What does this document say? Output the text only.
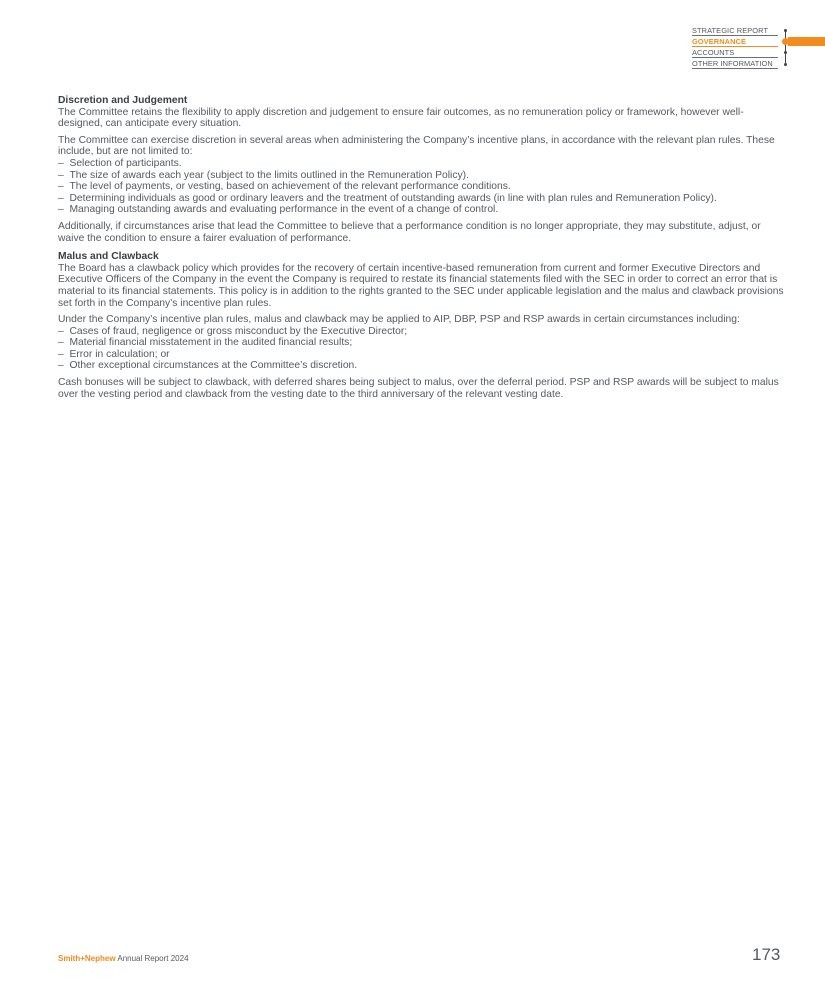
STRATEGIC REPORT
GOVERNANCE
ACCOUNTS
OTHER INFORMATION
Discretion and Judgement

The Committee retains the flexibility to apply discretion and judgement to ensure fair outcomes, as no remuneration policy or framework, however well-designed, can anticipate every situation.

The Committee can exercise discretion in several areas when administering the Company’s incentive plans, in accordance with the relevant plan rules. These include, but are not limited to:

–  Selection of participants.
–  The size of awards each year (subject to the limits outlined in the Remuneration Policy).
–  The level of payments, or vesting, based on achievement of the relevant performance conditions.
–  Determining individuals as good or ordinary leavers and the treatment of outstanding awards (in line with plan rules and Remuneration Policy).
–  Managing outstanding awards and evaluating performance in the event of a change of control.

Additionally, if circumstances arise that lead the Committee to believe that a performance condition is no longer appropriate, they may substitute, adjust, or waive the condition to ensure a fairer evaluation of performance.

Malus and Clawback

The Board has a clawback policy which provides for the recovery of certain incentive-based remuneration from current and former Executive Directors and Executive Officers of the Company in the event the Company is required to restate its financial statements filed with the SEC in order to correct an error that is material to its financial statements. This policy is in addition to the rights granted to the SEC under applicable legislation and the malus and clawback provisions set forth in the Company’s incentive plan rules.

Under the Company’s incentive plan rules, malus and clawback may be applied to AIP, DBP, PSP and RSP awards in certain circumstances including:

–  Cases of fraud, negligence or gross misconduct by the Executive Director;
–  Material financial misstatement in the audited financial results;
–  Error in calculation; or
–  Other exceptional circumstances at the Committee’s discretion.

Cash bonuses will be subject to clawback, with deferred shares being subject to malus, over the deferral period. PSP and RSP awards will be subject to malus over the vesting period and clawback from the vesting date to the third anniversary of the relevant vesting date.

Smith+Nephew Annual Report 2024	173
